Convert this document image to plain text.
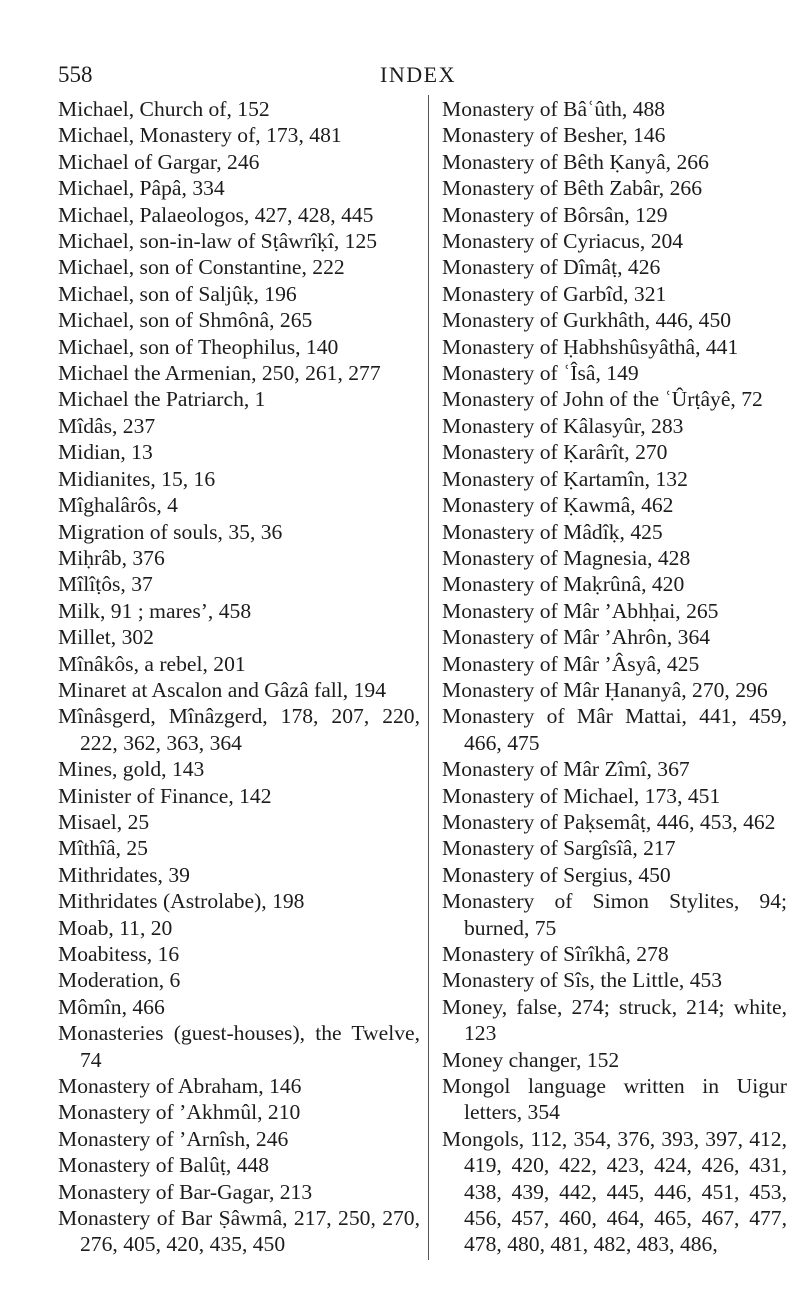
558	INDEX
Michael, Church of, 152
Michael, Monastery of, 173, 481
Michael of Gargar, 246
Michael, Pâpâ, 334
Michael, Palaeologos, 427, 428, 445
Michael, son-in-law of Sṭâwrîḳî, 125
Michael, son of Constantine, 222
Michael, son of Saljûḳ, 196
Michael, son of Shmônâ, 265
Michael, son of Theophilus, 140
Michael the Armenian, 250, 261, 277
Michael the Patriarch, 1
Mîdâs, 237
Midian, 13
Midianites, 15, 16
Mîghalârôs, 4
Migration of souls, 35, 36
Miḥrâb, 376
Mîlîṭôs, 37
Milk, 91 ; mares’, 458
Millet, 302
Mînâkôs, a rebel, 201
Minaret at Ascalon and Gâzâ fall, 194
Mînâsgerd, Mînâzgerd, 178, 207, 220, 222, 362, 363, 364
Mines, gold, 143
Minister of Finance, 142
Misael, 25
Mîthîâ, 25
Mithridates, 39
Mithridates (Astrolabe), 198
Moab, 11, 20
Moabitess, 16
Moderation, 6
Mômîn, 466
Monasteries (guest-houses), the Twelve, 74
Monastery of Abraham, 146
Monastery of ’Akhmûl, 210
Monastery of ’Arnîsh, 246
Monastery of Balûṭ, 448
Monastery of Bar-Gagar, 213
Monastery of Bar Ṣâwmâ, 217, 250, 270, 276, 405, 420, 435, 450
Monastery of Bâʿûth, 488
Monastery of Besher, 146
Monastery of Bêth Ḳanyâ, 266
Monastery of Bêth Zabâr, 266
Monastery of Bôrsân, 129
Monastery of Cyriacus, 204
Monastery of Dîmâṭ, 426
Monastery of Garbîd, 321
Monastery of Gurkhâth, 446, 450
Monastery of Ḥabhshûsyâthâ, 441
Monastery of ʿÎsâ, 149
Monastery of John of the ʿÛrṭâyê, 72
Monastery of Kâlasyûr, 283
Monastery of Ḳarârît, 270
Monastery of Ḳartamîn, 132
Monastery of Ḳawmâ, 462
Monastery of Mâdîḳ, 425
Monastery of Magnesia, 428
Monastery of Maḳrûnâ, 420
Monastery of Mâr ’Abhḥai, 265
Monastery of Mâr ’Ahrôn, 364
Monastery of Mâr ’Âsyâ, 425
Monastery of Mâr Ḥananyâ, 270, 296
Monastery of Mâr Mattai, 441, 459, 466, 475
Monastery of Mâr Zîmî, 367
Monastery of Michael, 173, 451
Monastery of Paḳsemâṭ, 446, 453, 462
Monastery of Sargîsîâ, 217
Monastery of Sergius, 450
Monastery of Simon Stylites, 94; burned, 75
Monastery of Sîrîkhâ, 278
Monastery of Sîs, the Little, 453
Money, false, 274; struck, 214; white, 123
Money changer, 152
Mongol language written in Uigur letters, 354
Mongols, 112, 354, 376, 393, 397, 412, 419, 420, 422, 423, 424, 426, 431, 438, 439, 442, 445, 446, 451, 453, 456, 457, 460, 464, 465, 467, 477, 478, 480, 481, 482, 483, 486,
